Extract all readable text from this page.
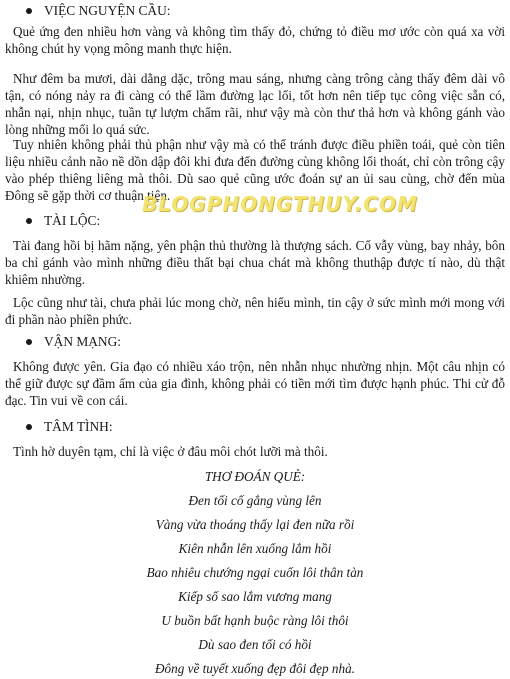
VIỆC NGUYỆN CẦU:
Quẻ ứng đen nhiều hơn vàng và không tìm thấy đỏ, chứng tỏ điều mơ ước còn quá xa vời không chút hy vọng mông manh thực hiện.
Như đêm ba mươi, dài dằng dặc, trông mau sáng, nhưng càng trông càng thấy đêm dài vô tận, có nóng nảy ra đi càng có thể lầm đường lạc lối, tốt hơn nên tiếp tục công việc sẵn có, nhẫn nại, nhịn nhục, tuần tự lượm chẩm rãi, như vậy mà còn thư thả hơn và không gánh vào lòng những mối lo quá sức.
Tuy nhiên không phải thủ phận như vậy mà có thể tránh được điều phiền toái, quẻ còn tiên liệu nhiều cảnh não nề dồn dập đôi khi đưa đến đường cùng không lối thoát, chỉ còn trông cậy vào phép thiêng liêng mà thôi. Dù sao quẻ cũng ước đoán sự an ủi sau cùng, chờ đến mùa Đông sẽ gặp thời cơ thuận tiện.
BLOGPHONGTHUY.COM
TÀI LỘC:
Tài đang hồi bị hãm nặng, yên phận thủ thường là thượng sách. Cố vẫy vùng, bay nhảy, bôn ba chỉ gánh vào mình những điều thất bại chua chát mà không thuthập được tí nào, dù thật khiêm nhường.
Lộc cũng như tài, chưa phải lúc mong chờ, nên hiểu mình, tin cậy ở sức mình mới mong với đi phần nào phiền phức.
VẬN MẠNG:
Không được yên. Gia đạo có nhiều xáo trộn, nên nhẫn nhục nhường nhịn. Một câu nhịn có thể giữ được sự đầm ấm của gia đình, không phải có tiền mới tìm được hạnh phúc. Thi cử đỗ đạc. Tin vui về con cái.
TÂM TÌNH:
Tình hờ duyên tạm, chỉ là việc ở đâu môi chót lưỡi mà thôi.
THƠ ĐOÁN QUẺ:
Đen tối cố gắng vùng lên
Vàng vừa thoáng thấy lại đen nữa rồi
Kiên nhẫn lên xuống lắm hồi
Bao nhiêu chướng ngại cuốn lôi thân tàn
Kiếp số sao lắm vương mang
U buồn bất hạnh buộc ràng lôi thôi
Dù sao đen tối có hồi
Đông về tuyết xuống đẹp đôi đẹp nhà.
